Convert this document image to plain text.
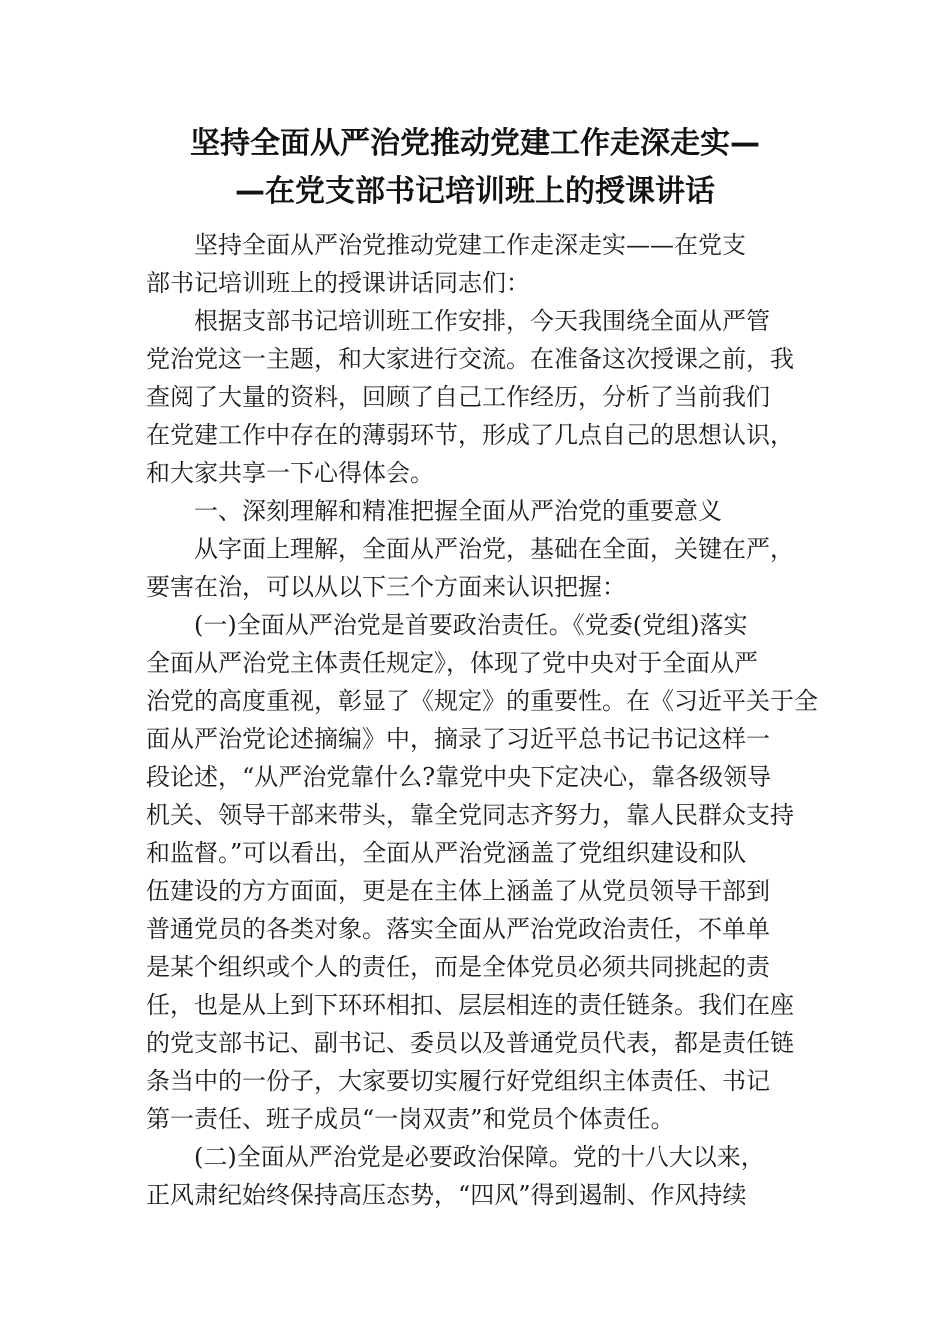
坚持全面从严治党推动党建工作走深走实—
—在党支部书记培训班上的授课讲话

　　坚持全面从严治党推动党建工作走深走实——在党支

部书记培训班上的授课讲话同志们：

　　根据支部书记培训班工作安排，今天我围绕全面从严管

党治党这一主题，和大家进行交流。在准备这次授课之前，我

查阅了大量的资料，回顾了自己工作经历，分析了当前我们

在党建工作中存在的薄弱环节，形成了几点自己的思想认识，

和大家共享一下心得体会。

　　一、深刻理解和精准把握全面从严治党的重要意义

　　从字面上理解，全面从严治党，基础在全面，关键在严，

要害在治，可以从以下三个方面来认识把握：

　　(一)全面从严治党是首要政治责任。《党委(党组)落实

全面从严治党主体责任规定》，体现了党中央对于全面从严

治党的高度重视，彰显了《规定》的重要性。在《习近平关于全

面从严治党论述摘编》中，摘录了习近平总书记书记这样一

段论述，“从严治党靠什么?靠党中央下定决心，靠各级领导

机关、领导干部来带头，靠全党同志齐努力，靠人民群众支持

和监督。”可以看出，全面从严治党涵盖了党组织建设和队

伍建设的方方面面，更是在主体上涵盖了从党员领导干部到

普通党员的各类对象。落实全面从严治党政治责任，不单单

是某个组织或个人的责任，而是全体党员必须共同挑起的责

任，也是从上到下环环相扣、层层相连的责任链条。我们在座

的党支部书记、副书记、委员以及普通党员代表，都是责任链

条当中的一份子，大家要切实履行好党组织主体责任、书记

第一责任、班子成员“一岗双责”和党员个体责任。

　　(二)全面从严治党是必要政治保障。党的十八大以来，

正风肃纪始终保持高压态势，“四风”得到遏制、作风持续
